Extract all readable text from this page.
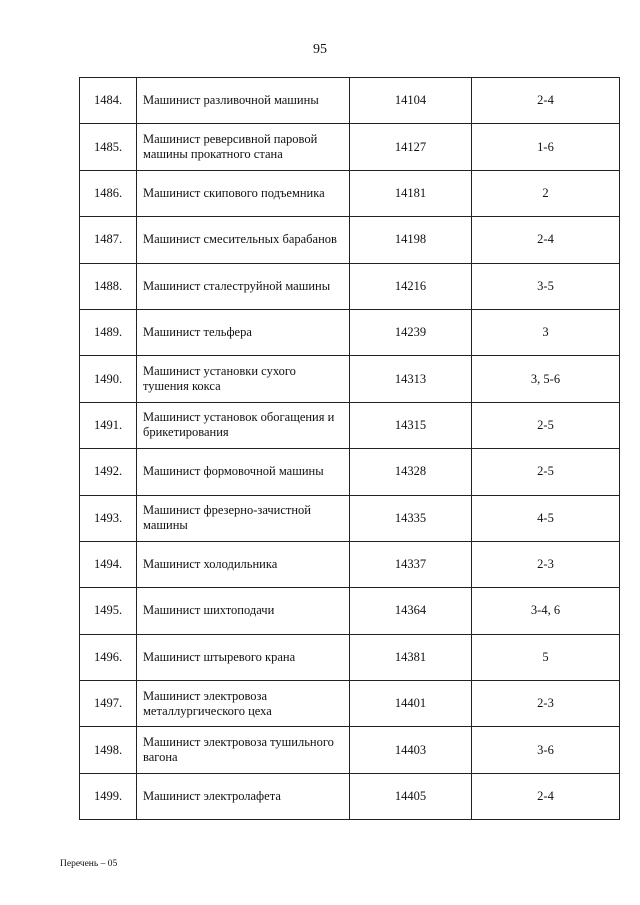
95
1484.	Машинист разливочной машины	14104	2-4
1485.	Машинист реверсивной паровой машины прокатного стана	14127	1-6
1486.	Машинист скипового подъемника	14181	2
1487.	Машинист смесительных барабанов	14198	2-4
1488.	Машинист сталеструйной машины	14216	3-5
1489.	Машинист тельфера	14239	3
1490.	Машинист установки сухого тушения кокса	14313	3, 5-6
1491.	Машинист установок обогащения и брикетирования	14315	2-5
1492.	Машинист формовочной машины	14328	2-5
1493.	Машинист фрезерно-зачистной машины	14335	4-5
1494.	Машинист холодильника	14337	2-3
1495.	Машинист шихтоподачи	14364	3-4, 6
1496.	Машинист штыревого крана	14381	5
1497.	Машинист электровоза металлургического цеха	14401	2-3
1498.	Машинист электровоза тушильного вагона	14403	3-6
1499.	Машинист электролафета	14405	2-4
Перечень – 05
